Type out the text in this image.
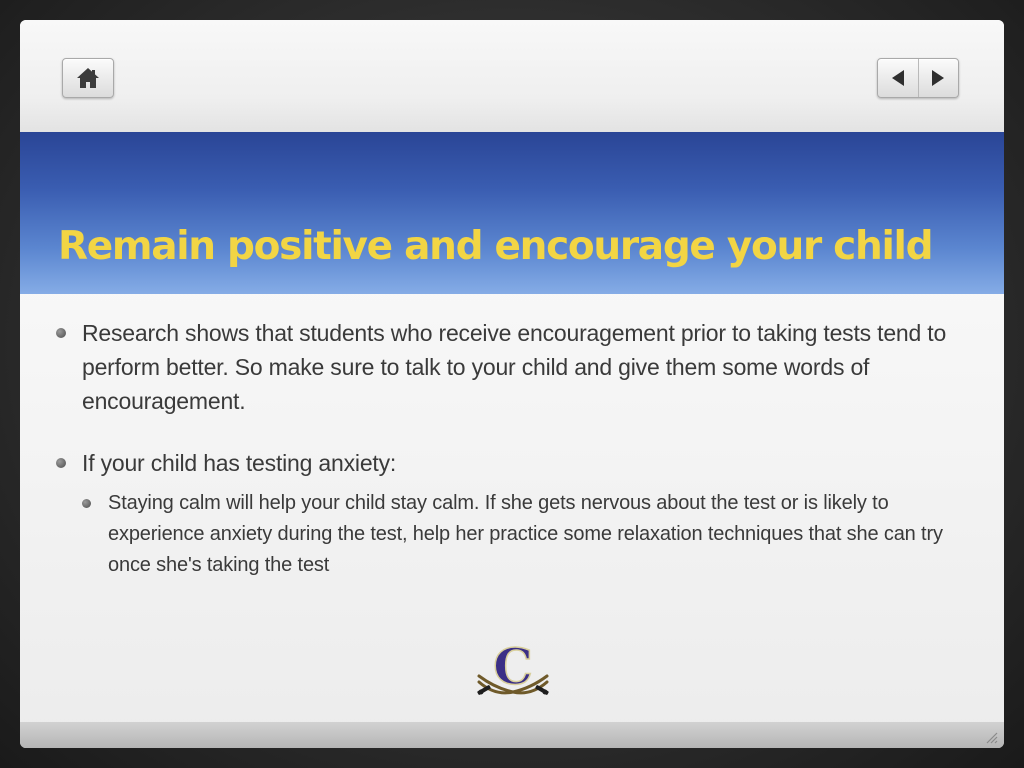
Remain positive and encourage your child
Research shows that students who receive encouragement prior to taking tests tend to perform better. So make sure to talk to your child and give them some words of encouragement.
If your child has testing anxiety:
Staying calm will help your child stay calm. If she gets nervous about the test or is likely to experience anxiety during the test, help her practice some relaxation techniques that she can try once she's taking the test
C
